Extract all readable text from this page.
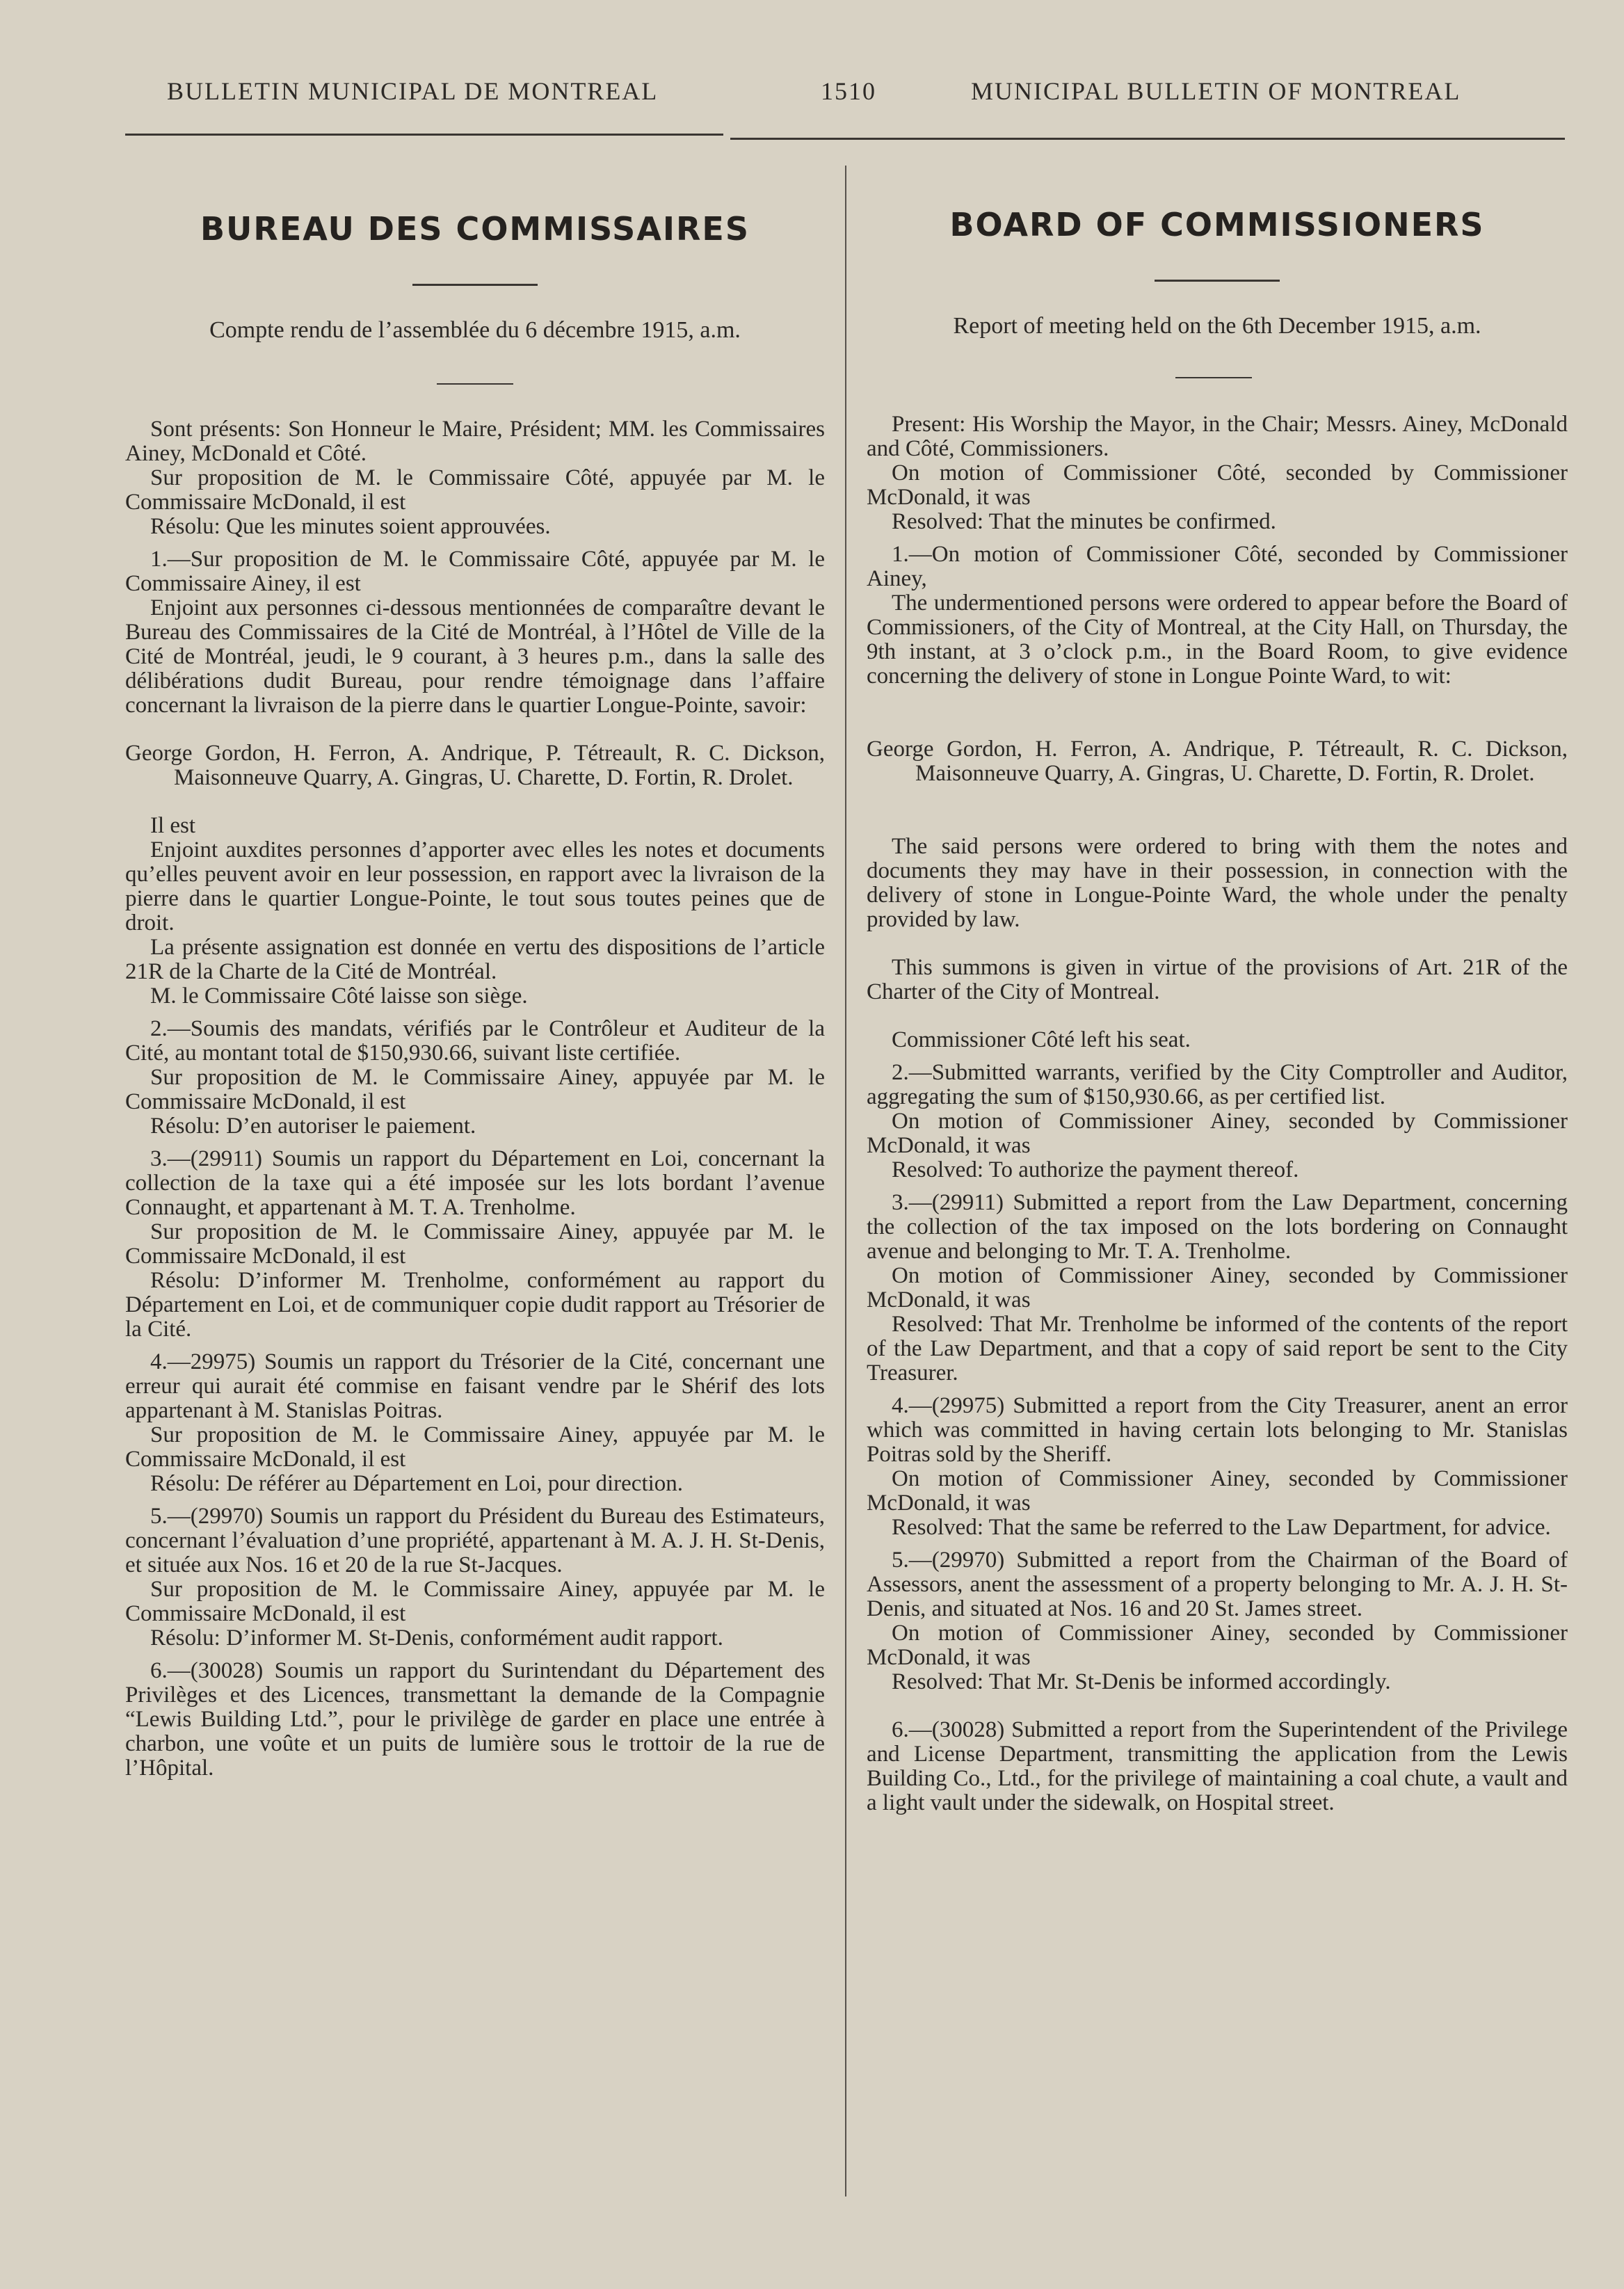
BULLETIN MUNICIPAL DE MONTREAL	1510	MUNICIPAL BULLETIN OF MONTREAL
BUREAU DES COMMISSAIRES
Compte rendu de l’assemblée du 6 décembre 1915, a.m.

Sont présents: Son Honneur le Maire, Président; MM. les Commissaires Ainey, McDonald et Côté.

Sur proposition de M. le Commissaire Côté, appuyée par M. le Commissaire McDonald, il est

Résolu: Que les minutes soient approuvées.

1.—Sur proposition de M. le Commissaire Côté, appuyée par M. le Commissaire Ainey, il est

Enjoint aux personnes ci-dessous mentionnées de comparaître devant le Bureau des Commissaires de la Cité de Montréal, à l’Hôtel de Ville de la Cité de Montréal, jeudi, le 9 courant, à 3 heures p.m., dans la salle des délibérations dudit Bureau, pour rendre témoignage dans l’affaire concernant la livraison de la pierre dans le quartier Longue-Pointe, savoir:

George Gordon, H. Ferron, A. Andrique, P. Tétreault, R. C. Dickson, Maisonneuve Quarry, A. Gingras, U. Charette, D. Fortin, R. Drolet.

Il est

Enjoint auxdites personnes d’apporter avec elles les notes et documents qu’elles peuvent avoir en leur possession, en rapport avec la livraison de la pierre dans le quartier Longue-Pointe, le tout sous toutes peines que de droit.

La présente assignation est donnée en vertu des dispositions de l’article 21R de la Charte de la Cité de Montréal.

M. le Commissaire Côté laisse son siège.

2.—Soumis des mandats, vérifiés par le Contrôleur et Auditeur de la Cité, au montant total de $150,930.66, suivant liste certifiée.

Sur proposition de M. le Commissaire Ainey, appuyée par M. le Commissaire McDonald, il est

Résolu: D’en autoriser le paiement.

3.—(29911) Soumis un rapport du Département en Loi, concernant la collection de la taxe qui a été imposée sur les lots bordant l’avenue Connaught, et appartenant à M. T. A. Trenholme.

Sur proposition de M. le Commissaire Ainey, appuyée par M. le Commissaire McDonald, il est

Résolu: D’informer M. Trenholme, conformément au rapport du Département en Loi, et de communiquer copie dudit rapport au Trésorier de la Cité.

4.—29975) Soumis un rapport du Trésorier de la Cité, concernant une erreur qui aurait été commise en faisant vendre par le Shérif des lots appartenant à M. Stanislas Poitras.

Sur proposition de M. le Commissaire Ainey, appuyée par M. le Commissaire McDonald, il est

Résolu: De référer au Département en Loi, pour direction.

5.—(29970) Soumis un rapport du Président du Bureau des Estimateurs, concernant l’évaluation d’une propriété, appartenant à M. A. J. H. St-Denis, et située aux Nos. 16 et 20 de la rue St-Jacques.

Sur proposition de M. le Commissaire Ainey, appuyée par M. le Commissaire McDonald, il est

Résolu: D’informer M. St-Denis, conformément audit rapport.

6.—(30028) Soumis un rapport du Surintendant du Département des Privilèges et des Licences, transmettant la demande de la Compagnie “Lewis Building Ltd.”, pour le privilège de garder en place une entrée à charbon, une voûte et un puits de lumière sous le trottoir de la rue de l’Hôpital.

BOARD OF COMMISSIONERS
Report of meeting held on the 6th December 1915, a.m.

Present: His Worship the Mayor, in the Chair; Messrs. Ainey, McDonald and Côté, Commissioners.

On motion of Commissioner Côté, seconded by Commissioner McDonald, it was

Resolved: That the minutes be confirmed.

1.—On motion of Commissioner Côté, seconded by Commissioner Ainey,

The undermentioned persons were ordered to appear before the Board of Commissioners, of the City of Montreal, at the City Hall, on Thursday, the 9th instant, at 3 o’clock p.m., in the Board Room, to give evidence concerning the delivery of stone in Longue Pointe Ward, to wit:

George Gordon, H. Ferron, A. Andrique, P. Tétreault, R. C. Dickson, Maisonneuve Quarry, A. Gingras, U. Charette, D. Fortin, R. Drolet.

The said persons were ordered to bring with them the notes and documents they may have in their possession, in connection with the delivery of stone in Longue-Pointe Ward, the whole under the penalty provided by law.

This summons is given in virtue of the provisions of Art. 21R of the Charter of the City of Montreal.

Commissioner Côté left his seat.

2.—Submitted warrants, verified by the City Comptroller and Auditor, aggregating the sum of $150,930.66, as per certified list.

On motion of Commissioner Ainey, seconded by Commissioner McDonald, it was

Resolved: To authorize the payment thereof.

3.—(29911) Submitted a report from the Law Department, concerning the collection of the tax imposed on the lots bordering on Connaught avenue and belonging to Mr. T. A. Trenholme.

On motion of Commissioner Ainey, seconded by Commissioner McDonald, it was

Resolved: That Mr. Trenholme be informed of the contents of the report of the Law Department, and that a copy of said report be sent to the City Treasurer.

4.—(29975) Submitted a report from the City Treasurer, anent an error which was committed in having certain lots belonging to Mr. Stanislas Poitras sold by the Sheriff.

On motion of Commissioner Ainey, seconded by Commissioner McDonald, it was

Resolved: That the same be referred to the Law Department, for advice.

5.—(29970) Submitted a report from the Chairman of the Board of Assessors, anent the assessment of a property belonging to Mr. A. J. H. St-Denis, and situated at Nos. 16 and 20 St. James street.

On motion of Commissioner Ainey, seconded by Commissioner McDonald, it was

Resolved: That Mr. St-Denis be informed accordingly.

6.—(30028) Submitted a report from the Superintendent of the Privilege and License Department, transmitting the application from the Lewis Building Co., Ltd., for the privilege of maintaining a coal chute, a vault and a light vault under the sidewalk, on Hospital street.
